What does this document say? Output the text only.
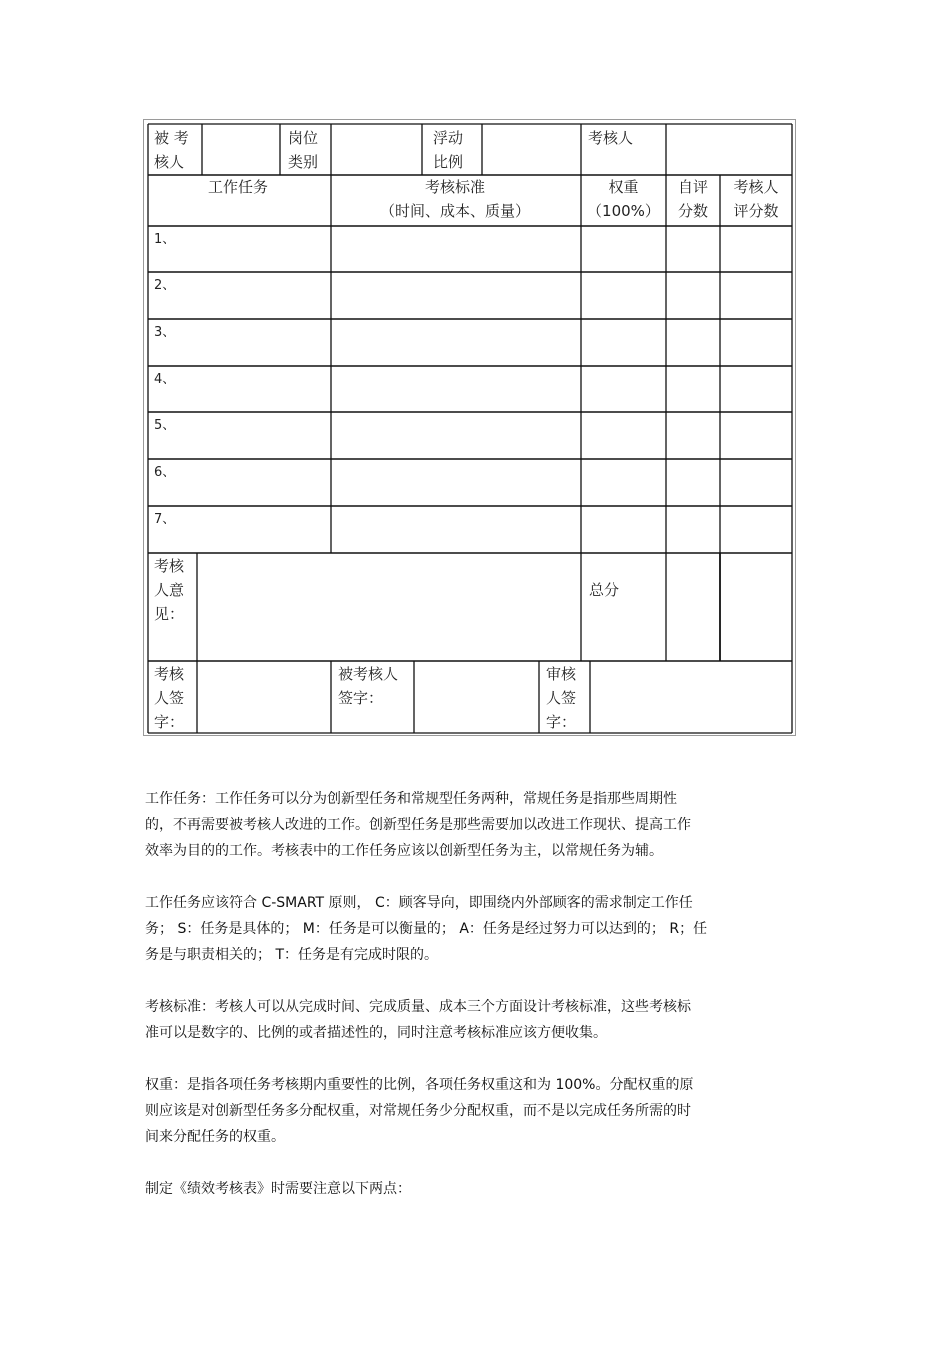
被 考
核人
岗位
类别
浮动
比例
考核人
工作任务	考核标准
（时间、成本、质量）
权重
（100%）
自评
分数
考核人
评分数
1、
2、
3、
4、
5、
6、
7、
考核
人意
见：
总分
考核
人签
字：
被考核人
签字：
审核
人签
字：

工作任务：工作任务可以分为创新型任务和常规型任务两种，常规任务是指那些周期性
的，不再需要被考核人改进的工作。创新型任务是那些需要加以改进工作现状、提高工作
效率为目的的工作。考核表中的工作任务应该以创新型任务为主，以常规任务为辅。

工作任务应该符合 C-SMART 原则， C：顾客导向，即围绕内外部顾客的需求制定工作任
务； S：任务是具体的； M：任务是可以衡量的； A：任务是经过努力可以达到的； R；任
务是与职责相关的； T：任务是有完成时限的。

考核标准：考核人可以从完成时间、完成质量、成本三个方面设计考核标准，这些考核标
准可以是数字的、比例的或者描述性的，同时注意考核标准应该方便收集。

权重：是指各项任务考核期内重要性的比例，各项任务权重这和为 100%。分配权重的原
则应该是对创新型任务多分配权重，对常规任务少分配权重，而不是以完成任务所需的时
间来分配任务的权重。

制定《绩效考核表》时需要注意以下两点：
